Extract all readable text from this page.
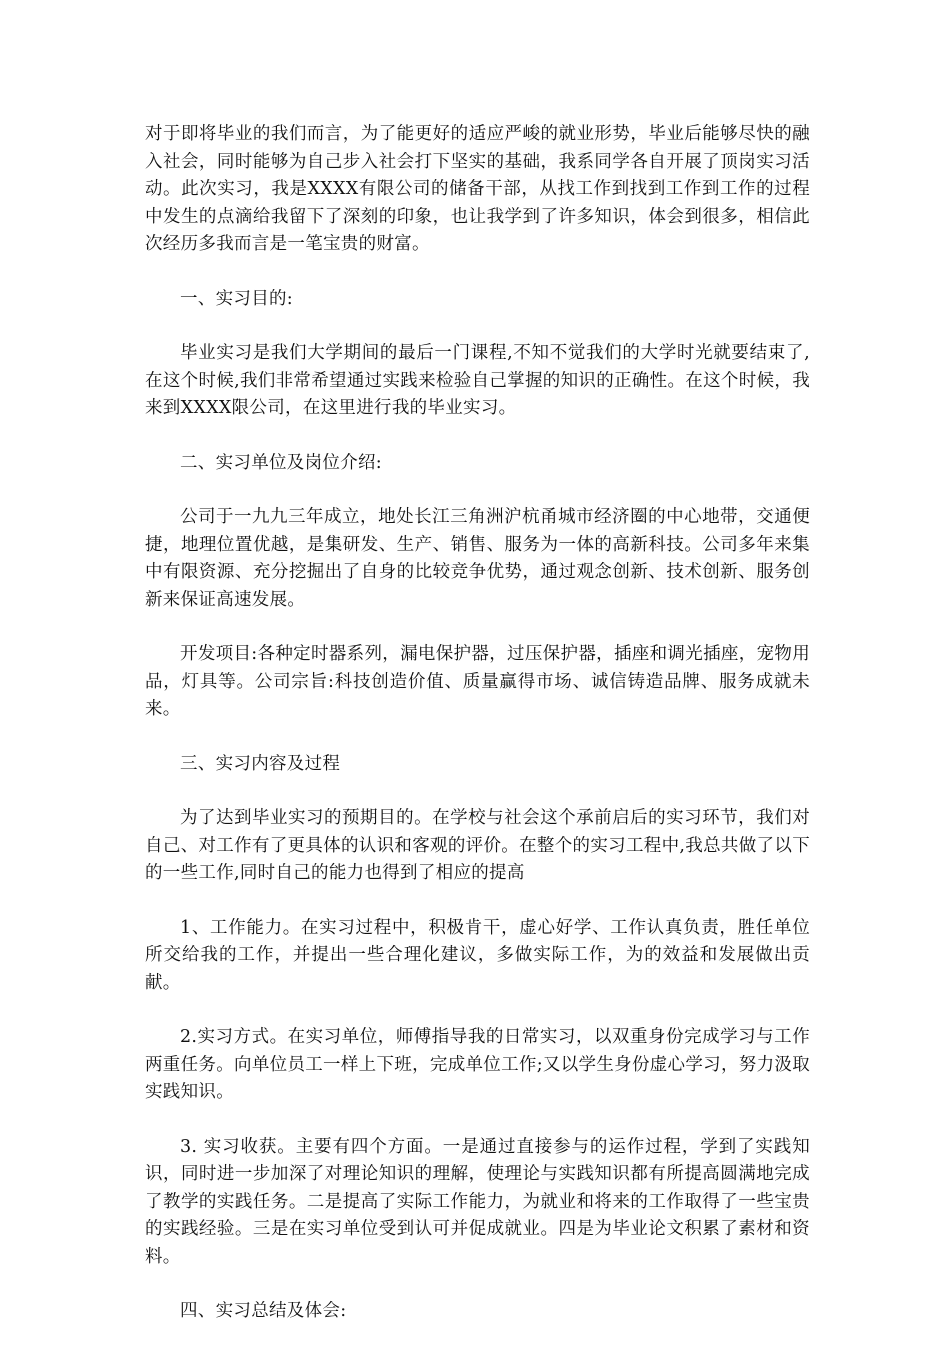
对于即将毕业的我们而言，为了能更好的适应严峻的就业形势，毕业后能够尽快的融入社会，同时能够为自己步入社会打下坚实的基础，我系同学各自开展了顶岗实习活动。此次实习，我是XXXX有限公司的储备干部，从找工作到找到工作到工作的过程中发生的点滴给我留下了深刻的印象，也让我学到了许多知识，体会到很多，相信此次经历多我而言是一笔宝贵的财富。

一、实习目的:

毕业实习是我们大学期间的最后一门课程,不知不觉我们的大学时光就要结束了,在这个时候,我们非常希望通过实践来检验自己掌握的知识的正确性。在这个时候，我来到XXXX限公司，在这里进行我的毕业实习。

二、实习单位及岗位介绍:

公司于一九九三年成立，地处长江三角洲沪杭甬城市经济圈的中心地带，交通便捷，地理位置优越，是集研发、生产、销售、服务为一体的高新科技。公司多年来集中有限资源、充分挖掘出了自身的比较竞争优势，通过观念创新、技术创新、服务创新来保证高速发展。

开发项目:各种定时器系列，漏电保护器，过压保护器，插座和调光插座，宠物用品，灯具等。公司宗旨:科技创造价值、质量赢得市场、诚信铸造品牌、服务成就未来。

三、实习内容及过程

为了达到毕业实习的预期目的。在学校与社会这个承前启后的实习环节，我们对自己、对工作有了更具体的认识和客观的评价。在整个的实习工程中,我总共做了以下的一些工作,同时自己的能力也得到了相应的提高

1、工作能力。在实习过程中，积极肯干，虚心好学、工作认真负责，胜任单位所交给我的工作，并提出一些合理化建议，多做实际工作，为的效益和发展做出贡献。

2.实习方式。在实习单位，师傅指导我的日常实习，以双重身份完成学习与工作两重任务。向单位员工一样上下班，完成单位工作;又以学生身份虚心学习，努力汲取实践知识。

3. 实习收获。主要有四个方面。一是通过直接参与的运作过程，学到了实践知识，同时进一步加深了对理论知识的理解，使理论与实践知识都有所提高圆满地完成了教学的实践任务。二是提高了实际工作能力，为就业和将来的工作取得了一些宝贵的实践经验。三是在实习单位受到认可并促成就业。四是为毕业论文积累了素材和资料。

四、实习总结及体会:
